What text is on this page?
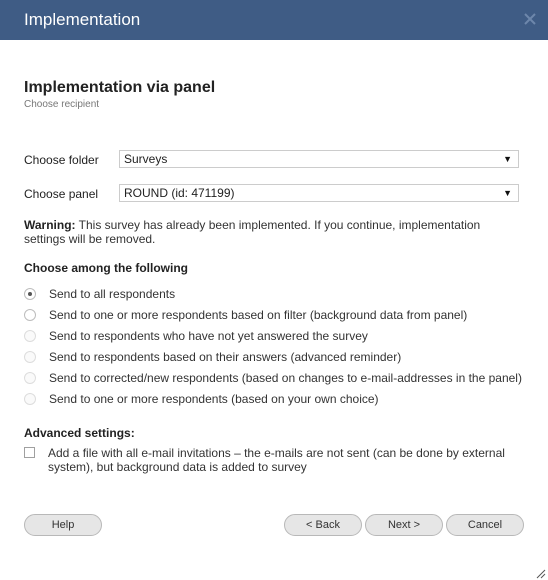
Implementation
Implementation via panel
Choose recipient
Choose folder	Surveys	▼
Choose panel	ROUND (id: 471199)	▼
Warning: This survey has already been implemented. If you continue, implementation settings will be removed.
Choose among the following
Send to all respondents
Send to one or more respondents based on filter (background data from panel)
Send to respondents who have not yet answered the survey
Send to respondents based on their answers (advanced reminder)
Send to corrected/new respondents (based on changes to e-mail-addresses in the panel)
Send to one or more respondents (based on your own choice)
Advanced settings:
Add a file with all e-mail invitations – the e-mails are not sent (can be done by external system), but background data is added to survey
Help	< Back	Next >	Cancel
